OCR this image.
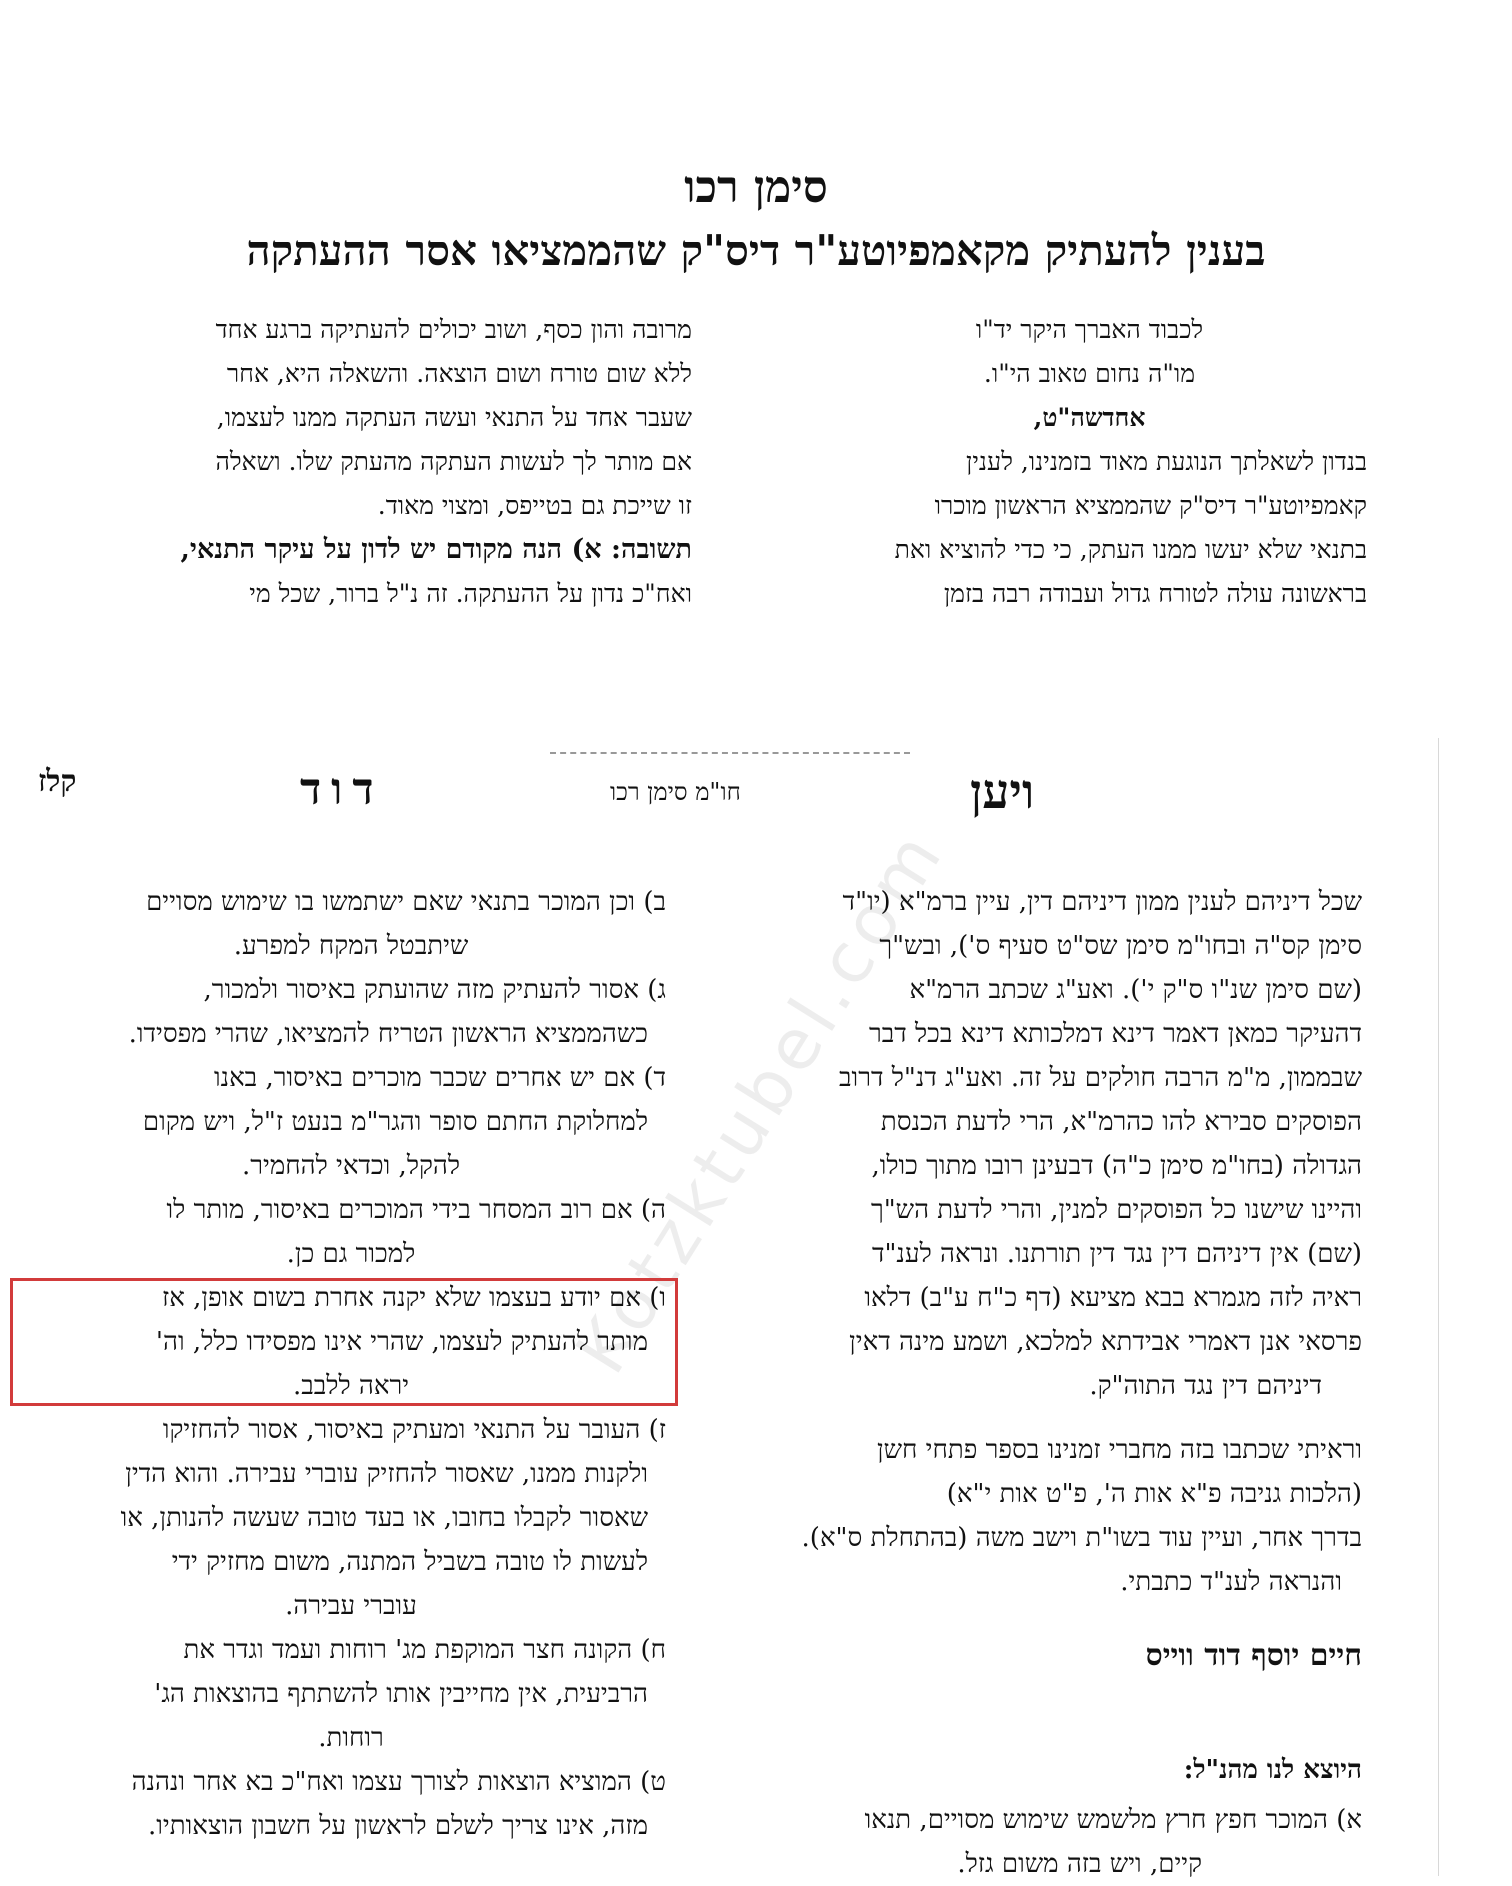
סימן רכו
בענין להעתיק מקאמפיוטע"ר דיס"ק שהממציאו אסר ההעתקה
לכבוד האברך היקר יד"ו
מו"ה נחום טאוב הי"ו.
אחדשה"ט,
בנדון לשאלתך הנוגעת מאוד בזמנינו, לענין
קאמפיוטע"ר דיס"ק שהממציא הראשון מוכרו
בתנאי שלא יעשו ממנו העתק, כי כדי להוציא ואת
בראשונה עולה לטורח גדול ועבודה רבה בזמן
מרובה והון כסף, ושוב יכולים להעתיקה ברגע אחד
ללא שום טורח ושום הוצאה. והשאלה היא, אחר
שעבר אחד על התנאי ועשה העתקה ממנו לעצמו,
אם מותר לך לעשות העתקה מהעתק שלו. ושאלה
זו שייכת גם בטייפס, ומצוי מאוד.
תשובה: א) הנה מקודם יש לדון על עיקר התנאי,
ואח"כ נדון על ההעתקה. זה נ"ל ברור, שכל מי
ויען
חו"מ סימן רכו
דוד
קלז
Kotzktubel.com
שכל דיניהם לענין ממון דיניהם דין, עיין ברמ"א (יו"ד
סימן קס"ה ובחו"מ סימן שס"ט סעיף ס'), ובש"ך
(שם סימן שנ"ו ס"ק י'). ואע"ג שכתב הרמ"א
דהעיקר כמאן דאמר דינא דמלכותא דינא בכל דבר
שבממון, מ"מ הרבה חולקים על זה. ואע"ג דנ"ל דרוב
הפוסקים סבירא להו כהרמ"א, הרי לדעת הכנסת
הגדולה (בחו"מ סימן כ"ה) דבעינן רובו מתוך כולו,
והיינו שישנו כל הפוסקים למנין, והרי לדעת הש"ך
(שם) אין דיניהם דין נגד דין תורתנו. ונראה לענ"ד
ראיה לזה מגמרא בבא מציעא (דף כ"ח ע"ב) דלאו
פרסאי אנן דאמרי אבידתא למלכא, ושמע מינה דאין
דיניהם דין נגד התוה"ק.
וראיתי שכתבו בזה מחברי זמנינו בספר פתחי חשן
(הלכות גניבה פ"א אות ה', פ"ט אות י"א)
בדרך אחר, ועיין עוד בשו"ת וישב משה (בהתחלת ס"א).
והנראה לענ"ד כתבתי.
חיים יוסף דוד ווייס
היוצא לנו מהנ"ל:
א) המוכר חפץ חרץ מלשמש שימוש מסויים, תנאו
קיים, ויש בזה משום גזל.
ב) וכן המוכר בתנאי שאם ישתמשו בו שימוש מסויים
שיתבטל המקח למפרע.
ג) אסור להעתיק מזה שהועתק באיסור ולמכור,
כשהממציא הראשון הטריח להמציאו, שהרי מפסידו.
ד) אם יש אחרים שכבר מוכרים באיסור, באנו
למחלוקת החתם סופר והגר"מ בנעט ז"ל, ויש מקום
להקל, וכדאי להחמיר.
ה) אם רוב המסחר בידי המוכרים באיסור, מותר לו
למכור גם כן.
ו) אם יודע בעצמו שלא יקנה אחרת בשום אופן, אז
מותר להעתיק לעצמו, שהרי אינו מפסידו כלל, וה'
יראה ללבב.
ז) העובר על התנאי ומעתיק באיסור, אסור להחזיקו
ולקנות ממנו, שאסור להחזיק עוברי עבירה. והוא הדין
שאסור לקבלו בחובו, או בעד טובה שעשה להנותן, או
לעשות לו טובה בשביל המתנה, משום מחזיק ידי
עוברי עבירה.
ח) הקונה חצר המוקפת מג' רוחות ועמד וגדר את
הרביעית, אין מחייבין אותו להשתתף בהוצאות הג'
רוחות.
ט) המוציא הוצאות לצורך עצמו ואח"כ בא אחר ונהנה
מזה, אינו צריך לשלם לראשון על חשבון הוצאותיו.
